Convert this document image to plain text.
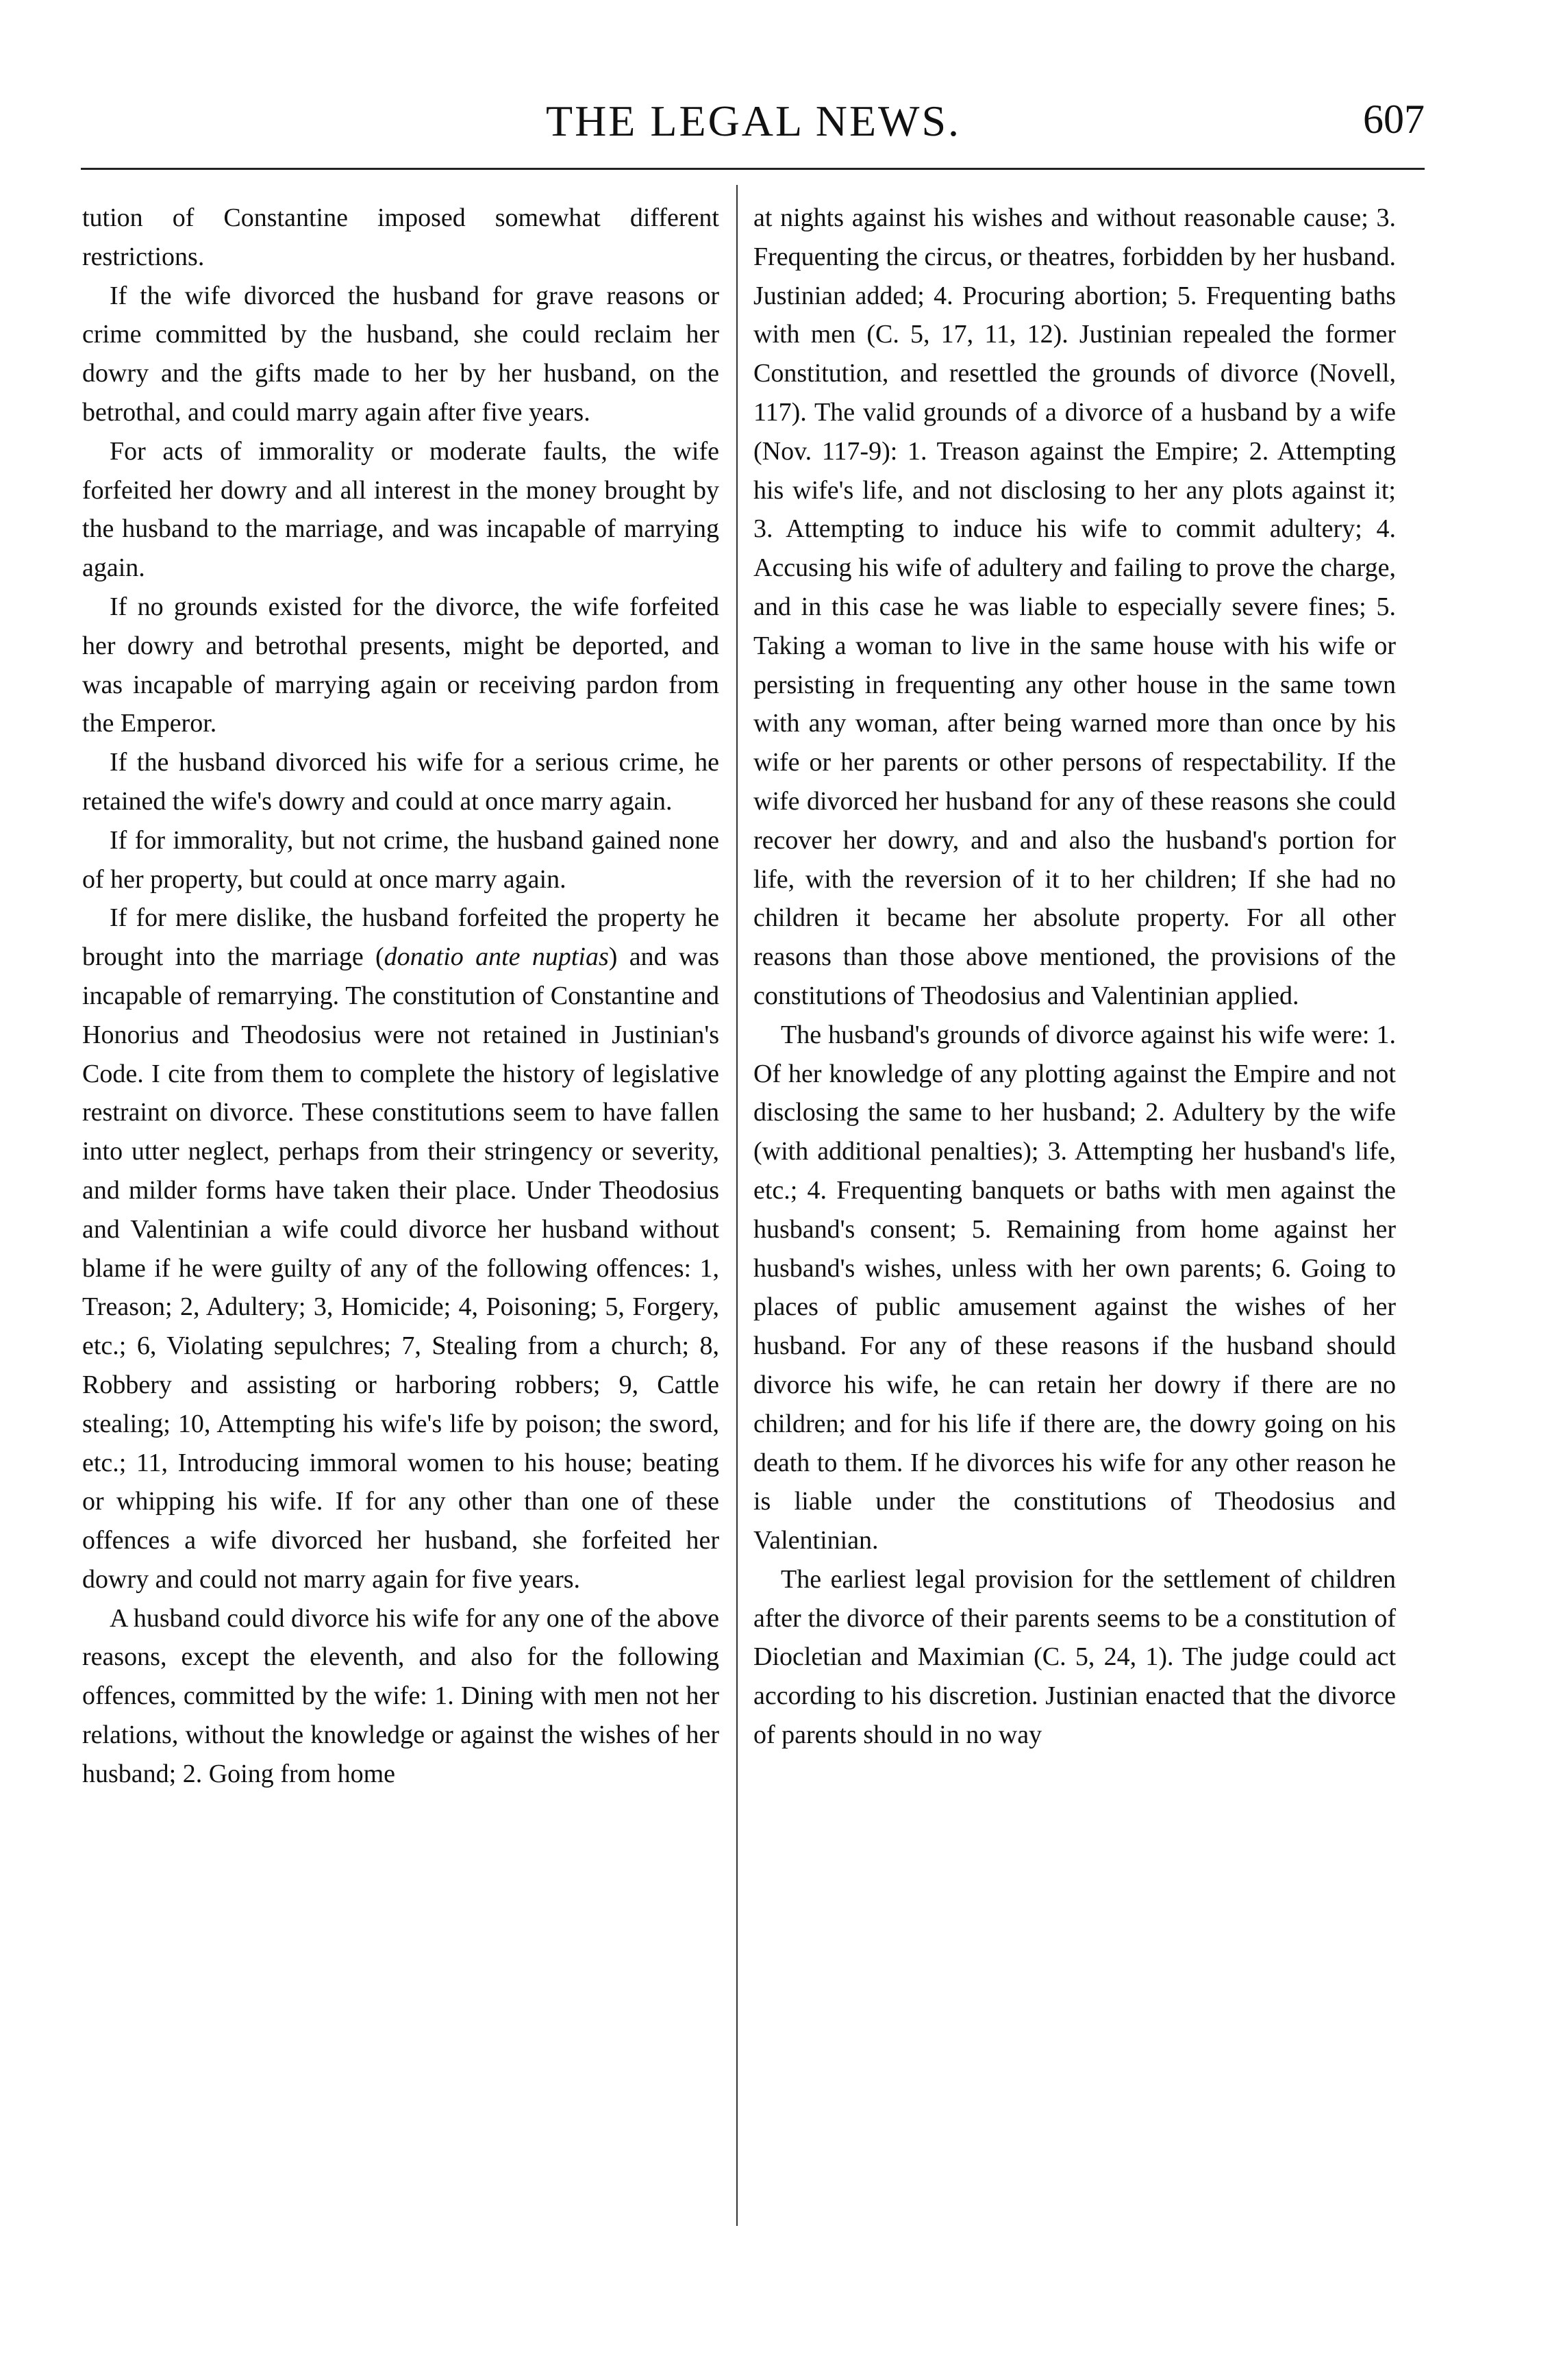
THE LEGAL NEWS.	607

tution of Constantine imposed somewhat different restrictions.

If the wife divorced the husband for grave reasons or crime committed by the husband, she could reclaim her dowry and the gifts made to her by her husband, on the betrothal, and could marry again after five years.

For acts of immorality or moderate faults, the wife forfeited her dowry and all interest in the money brought by the husband to the marriage, and was incapable of marrying again.

If no grounds existed for the divorce, the wife forfeited her dowry and betrothal presents, might be deported, and was incapable of marrying again or receiving pardon from the Emperor.

If the husband divorced his wife for a serious crime, he retained the wife's dowry and could at once marry again.

If for immorality, but not crime, the husband gained none of her property, but could at once marry again.

If for mere dislike, the husband forfeited the property he brought into the marriage (donatio ante nuptias) and was incapable of remarrying. The constitution of Constantine and Honorius and Theodosius were not retained in Justinian's Code. I cite from them to complete the history of legislative restraint on divorce. These constitutions seem to have fallen into utter neglect, perhaps from their stringency or severity, and milder forms have taken their place. Under Theodosius and Valentinian a wife could divorce her husband without blame if he were guilty of any of the following offences: 1, Treason; 2, Adultery; 3, Homicide; 4, Poisoning; 5, Forgery, etc.; 6, Violating sepulchres; 7, Stealing from a church; 8, Robbery and assisting or harboring robbers; 9, Cattle stealing; 10, Attempting his wife's life by poison; the sword, etc.; 11, Introducing immoral women to his house; beating or whipping his wife. If for any other than one of these offences a wife divorced her husband, she forfeited her dowry and could not marry again for five years.

A husband could divorce his wife for any one of the above reasons, except the eleventh, and also for the following offences, committed by the wife: 1. Dining with men not her relations, without the knowledge or against the wishes of her husband; 2. Going from home

at nights against his wishes and without reasonable cause; 3. Frequenting the circus, or theatres, forbidden by her husband. Justinian added; 4. Procuring abortion; 5. Frequenting baths with men (C. 5, 17, 11, 12). Justinian repealed the former Constitution, and resettled the grounds of divorce (Novell, 117). The valid grounds of a divorce of a husband by a wife (Nov. 117-9): 1. Treason against the Empire; 2. Attempting his wife's life, and not disclosing to her any plots against it; 3. Attempting to induce his wife to commit adultery; 4. Accusing his wife of adultery and failing to prove the charge, and in this case he was liable to especially severe fines; 5. Taking a woman to live in the same house with his wife or persisting in frequenting any other house in the same town with any woman, after being warned more than once by his wife or her parents or other persons of respectability. If the wife divorced her husband for any of these reasons she could recover her dowry, and and also the husband's portion for life, with the reversion of it to her children; If she had no children it became her absolute property. For all other reasons than those above mentioned, the provisions of the constitutions of Theodosius and Valentinian applied.

The husband's grounds of divorce against his wife were: 1. Of her knowledge of any plotting against the Empire and not disclosing the same to her husband; 2. Adultery by the wife (with additional penalties); 3. Attempting her husband's life, etc.; 4. Frequenting banquets or baths with men against the husband's consent; 5. Remaining from home against her husband's wishes, unless with her own parents; 6. Going to places of public amusement against the wishes of her husband. For any of these reasons if the husband should divorce his wife, he can retain her dowry if there are no children; and for his life if there are, the dowry going on his death to them. If he divorces his wife for any other reason he is liable under the constitutions of Theodosius and Valentinian.

The earliest legal provision for the settlement of children after the divorce of their parents seems to be a constitution of Diocletian and Maximian (C. 5, 24, 1). The judge could act according to his discretion. Justinian enacted that the divorce of parents should in no way
